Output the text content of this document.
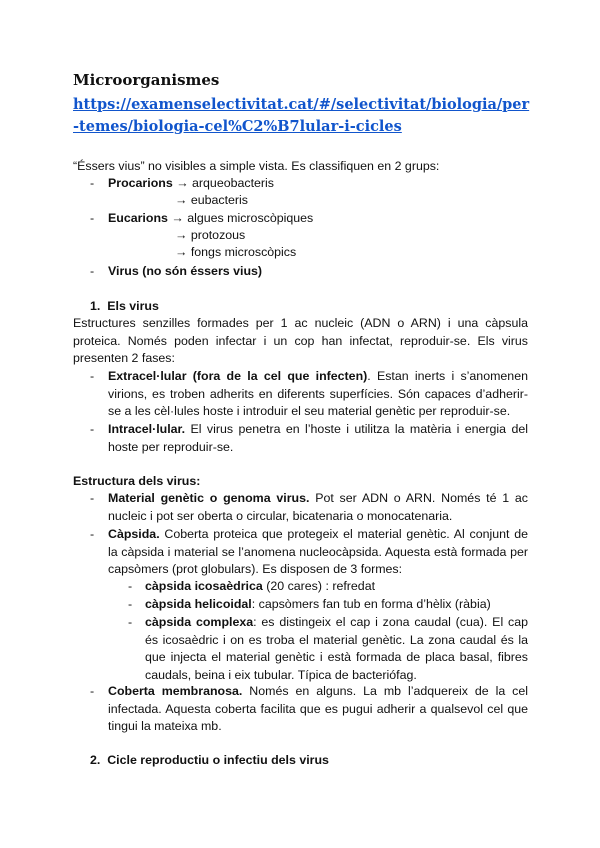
Microorganismes
https://examenselectivitat.cat/#/selectivitat/biologia/per-temes/biologia-cel%C2%B7lular-i-cicles
“Éssers vius” no visibles a simple vista. Es classifiquen en 2 grups:
- Procarions → arqueobacteris
→ eubacteris
- Eucarions → algues microscòpiques
→ protozous
→ fongs microscòpics
- Virus (no són éssers vius)
1. Els virus
Estructures senzilles formades per 1 ac nucleic (ADN o ARN) i una càpsula proteica. Només poden infectar i un cop han infectat, reproduir-se. Els virus presenten 2 fases:
- Extracel·lular (fora de la cel que infecten). Estan inerts i s’anomenen virions, es troben adherits en diferents superfícies. Són capaces d’adherir-se a les cèl·lules hoste i introduir el seu material genètic per reproduir-se.
- Intracel·lular. El virus penetra en l’hoste i utilitza la matèria i energia del hoste per reproduir-se.
Estructura dels virus:
- Material genètic o genoma virus. Pot ser ADN o ARN. Només té 1 ac nucleic i pot ser oberta o circular, bicatenaria o monocatenaria.
- Càpsida. Coberta proteica que protegeix el material genètic. Al conjunt de la càpsida i material se l’anomena nucleocàpsida. Aquesta està formada per capsòmers (prot globulars). Es disposen de 3 formes:
- càpsida icosaèdrica (20 cares) : refredat
- càpsida helicoidal: capsòmers fan tub en forma d’hèlix (ràbia)
- càpsida complexa: es distingeix el cap i zona caudal (cua). El cap és icosaèdric i on es troba el material genètic. La zona caudal és la que injecta el material genètic i està formada de placa basal, fibres caudals, beina i eix tubular. Típica de bacteriófag.
- Coberta membranosa. Només en alguns. La mb l’adquereix de la cel infectada. Aquesta coberta facilita que es pugui adherir a qualsevol cel que tingui la mateixa mb.
2. Cicle reproductiu o infectiu dels virus
